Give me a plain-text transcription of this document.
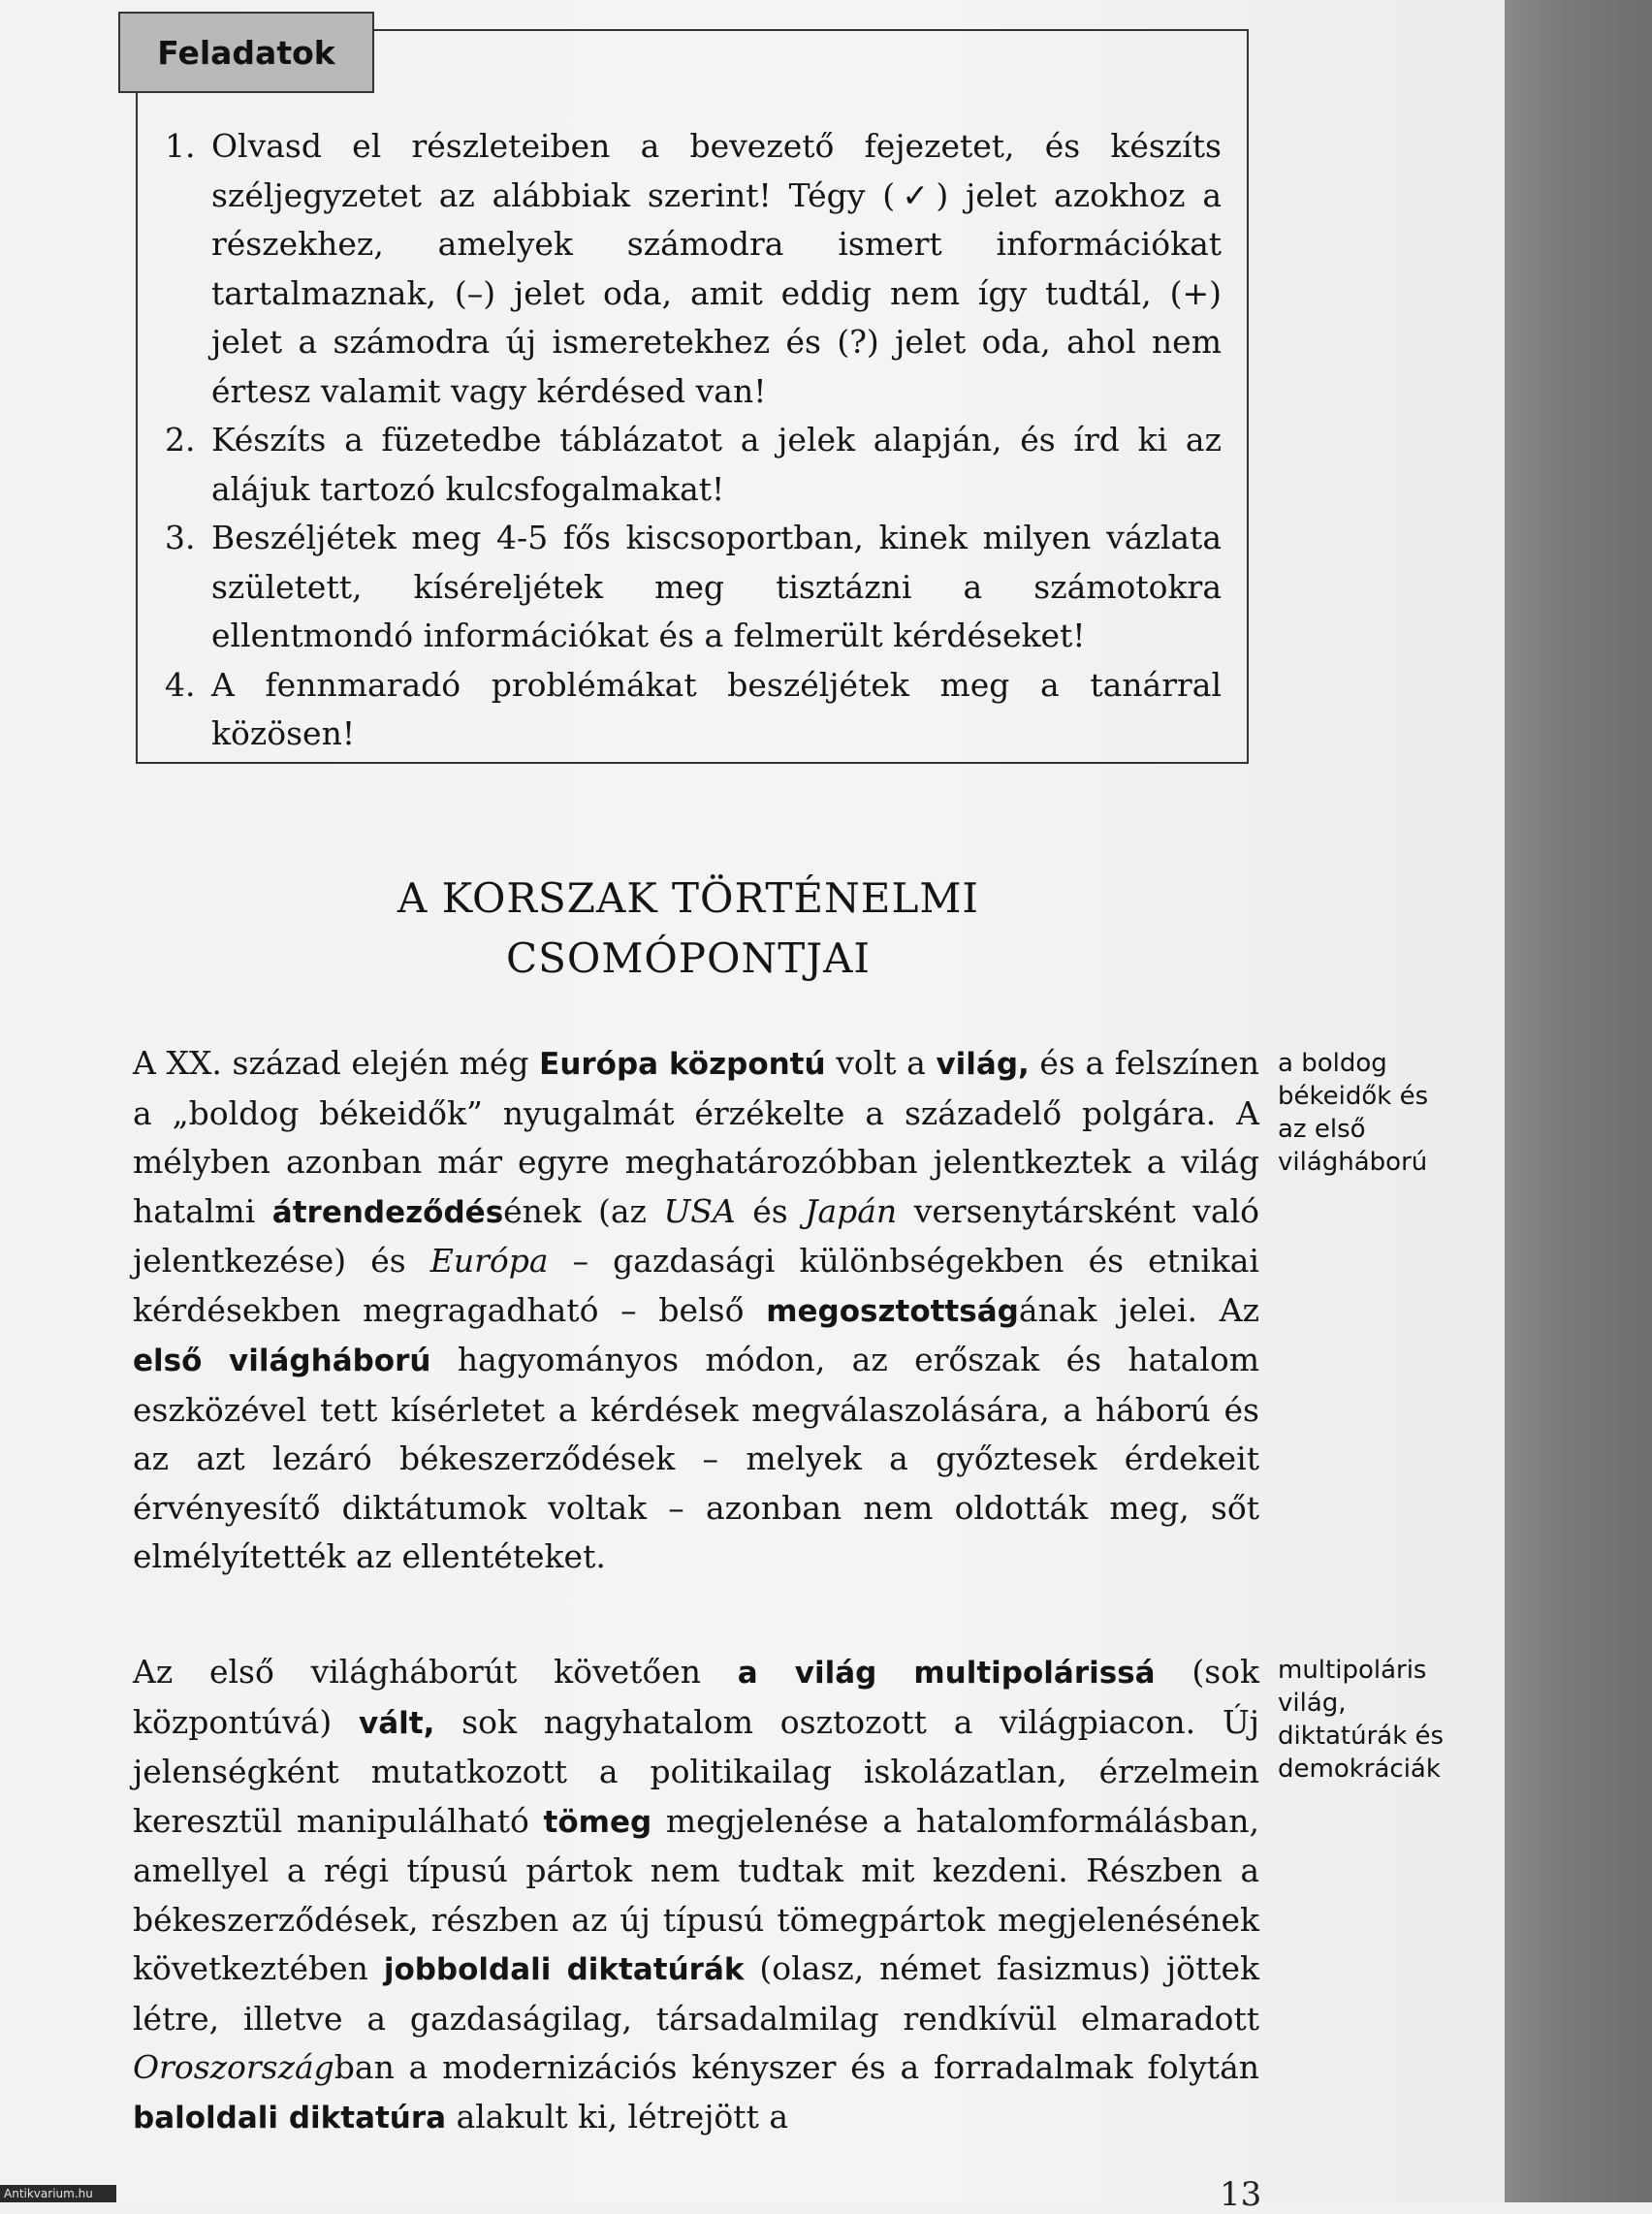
Feladatok
1. Olvasd el részleteiben a bevezető fejezetet, és készíts széljegyzetet az alábbiak szerint! Tégy (✓) jelet azokhoz a részekhez, amelyek számodra ismert információkat tartalmaznak, (–) jelet oda, amit eddig nem így tudtál, (+) jelet a számodra új ismeretekhez és (?) jelet oda, ahol nem értesz valamit vagy kérdésed van!
2. Készíts a füzetedbe táblázatot a jelek alapján, és írd ki az alájuk tartozó kulcsfogalmakat!
3. Beszéljétek meg 4-5 fős kiscsoportban, kinek milyen vázlata született, kíséreljétek meg tisztázni a számotokra ellentmondó információkat és a felmerült kérdéseket!
4. A fennmaradó problémákat beszéljétek meg a tanárral közösen!
A KORSZAK TÖRTÉNELMI
CSOMÓPONTJAI

A XX. század elején még Európa központú volt a világ, és a felszínen a „boldog békeidők” nyugalmát érzékelte a századelő polgára. A mélyben azonban már egyre meghatározóbban jelentkeztek a világ hatalmi átrendeződésének (az USA és Japán versenytársként való jelentkezése) és Európa – gazdasági különbségekben és etnikai kérdésekben megragadható – belső megosztottságának jelei. Az első világháború hagyományos módon, az erőszak és hatalom eszközével tett kísérletet a kérdések megválaszolására, a háború és az azt lezáró békeszerződések – melyek a győztesek érdekeit érvényesítő diktátumok voltak – azonban nem oldották meg, sőt elmélyítették az ellentéteket.

a boldog
békeidők és
az első
világháború

Az első világháborút követően a világ multipolárissá (sok központúvá) vált, sok nagyhatalom osztozott a világpiacon. Új jelenségként mutatkozott a politikailag iskolázatlan, érzelmein keresztül manipulálható tömeg megjelenése a hatalomformálásban, amellyel a régi típusú pártok nem tudtak mit kezdeni. Részben a békeszerződések, részben az új típusú tömegpártok megjelenésének következtében jobboldali diktatúrák (olasz, német fasizmus) jöttek létre, illetve a gazdaságilag, társadalmilag rendkívül elmaradott Oroszországban a modernizációs kényszer és a forradalmak folytán baloldali diktatúra alakult ki, létrejött a

multipoláris
világ,
diktatúrák és
demokráciák
13
Antikvarium.hu
